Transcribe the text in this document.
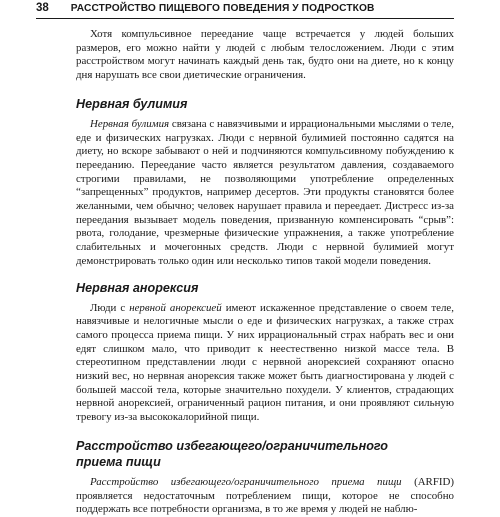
38 РАССТРОЙСТВО ПИЩЕВОГО ПОВЕДЕНИЯ У ПОДРОСТКОВ

Хотя компульсивное переедание чаще встречается у людей больших размеров, его можно найти у людей с любым телосложением. Люди с этим расстройством могут начинать каждый день так, будто они на диете, но к концу дня нарушать все свои диетические ограничения.

Нервная булимия

Нервная булимия связана с навязчивыми и иррациональными мыслями о теле, еде и физических нагрузках. Люди с нервной булимией постоянно садятся на диету, но вскоре забывают о ней и подчиняются компульсивному побуждению к перееданию. Переедание часто является результатом давления, создаваемого строгими правилами, не позволяющими употребление определенных “запрещенных” продуктов, например десертов. Эти продукты становятся более желанными, чем обычно; человек нарушает правила и переедает. Дистресс из-за переедания вызывает модель поведения, призванную компенсировать “срыв”: рвота, голодание, чрезмерные физические упражнения, а также употребление слабительных и мочегонных средств. Люди с нервной булимией могут демонстрировать только один или несколько типов такой модели поведения.

Нервная анорексия

Люди с нервной анорексией имеют искаженное представление о своем теле, навязчивые и нелогичные мысли о еде и физических нагрузках, а также страх самого процесса приема пищи. У них иррациональный страх набрать вес и они едят слишком мало, что приводит к неестественно низкой массе тела. В стереотипном представлении люди с нервной анорексией сохраняют опасно низкий вес, но нервная анорексия также может быть диагностирована у людей с большей массой тела, которые значительно похудели. У клиентов, страдающих нервной анорексией, ограниченный рацион питания, и они проявляют сильную тревогу из-за высококалорийной пищи.

Расстройство избегающего/ограничительного
приема пищи

Расстройство избегающего/ограничительного приема пищи (ARFID) проявляется недостаточным потреблением пищи, которое не способно поддержать все потребности организма, в то же время у людей не наблю-
